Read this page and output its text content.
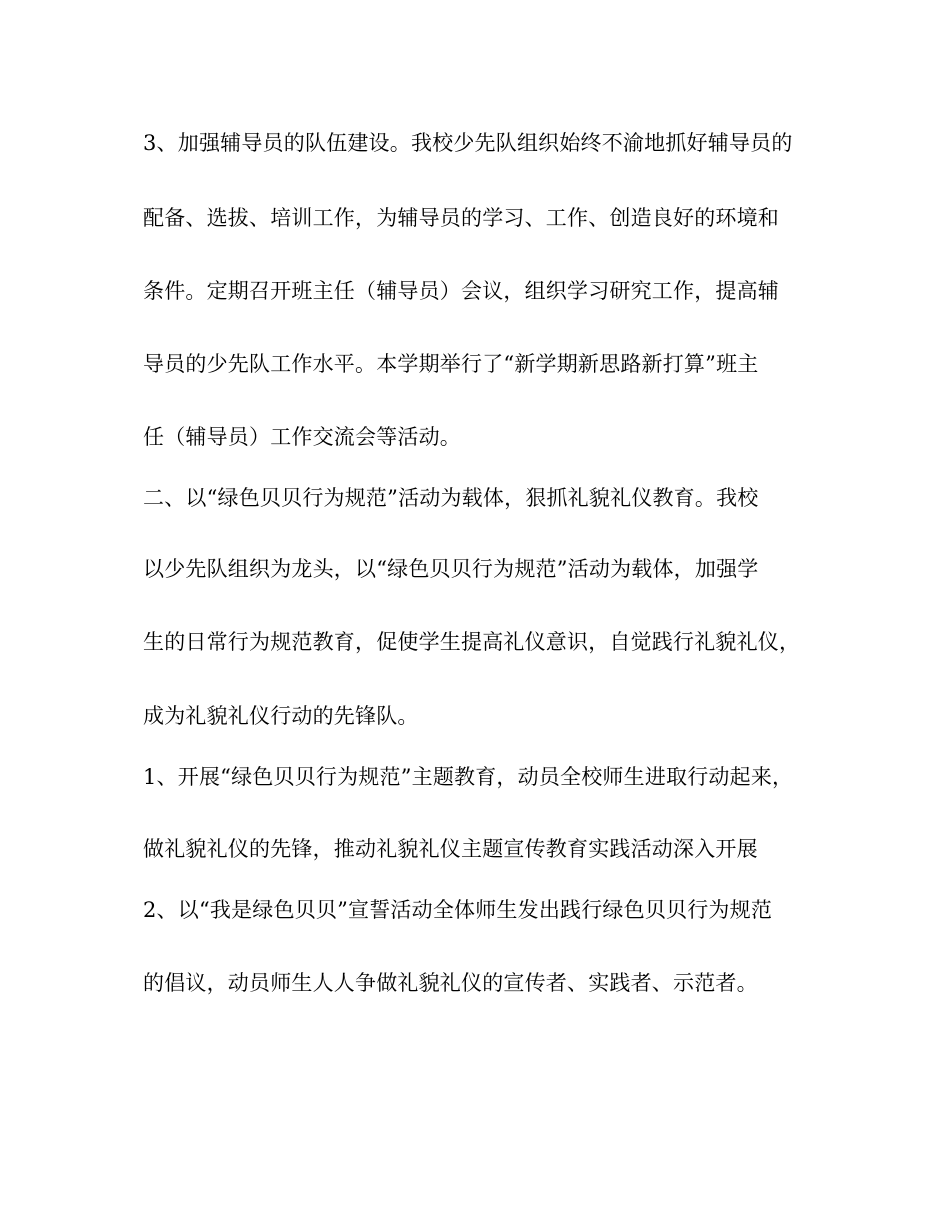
3、加强辅导员的队伍建设。我校少先队组织始终不渝地抓好辅导员的
配备、选拔、培训工作，为辅导员的学习、工作、创造良好的环境和
条件。定期召开班主任（辅导员）会议，组织学习研究工作，提高辅
导员的少先队工作水平。本学期举行了“新学期新思路新打算”班主
任（辅导员）工作交流会等活动。
二、以“绿色贝贝行为规范”活动为载体，狠抓礼貌礼仪教育。我校
以少先队组织为龙头，以“绿色贝贝行为规范”活动为载体，加强学
生的日常行为规范教育，促使学生提高礼仪意识，自觉践行礼貌礼仪，
成为礼貌礼仪行动的先锋队。
1、开展“绿色贝贝行为规范”主题教育，动员全校师生进取行动起来，
做礼貌礼仪的先锋，推动礼貌礼仪主题宣传教育实践活动深入开展
2、以“我是绿色贝贝”宣誓活动全体师生发出践行绿色贝贝行为规范
的倡议，动员师生人人争做礼貌礼仪的宣传者、实践者、示范者。
